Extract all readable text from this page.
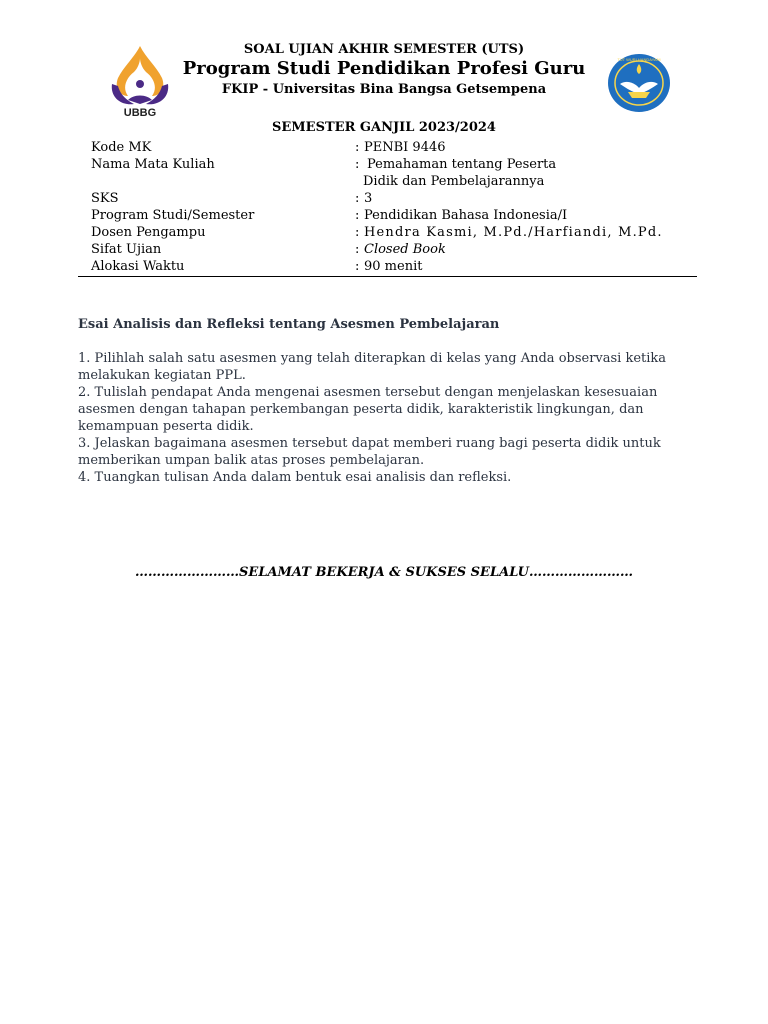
UBBG
SOAL UJIAN AKHIR SEMESTER (UTS)
Program Studi Pendidikan Profesi Guru
FKIP - Universitas Bina Bangsa Getsempena
TUT WURI HANDAYANI
SEMESTER GANJIL 2023/2024
Kode MK	: PENBI 9446
Nama Mata Kuliah	: Pemahaman tentang Peserta
Didik dan Pembelajarannya
SKS	: 3
Program Studi/Semester	: Pendidikan Bahasa Indonesia/I
Dosen Pengampu	: Hendra Kasmi, M.Pd./Harfiandi, M.Pd.
Sifat Ujian	: Closed Book
Alokasi Waktu	: 90 menit
Esai Analisis dan Refleksi tentang Asesmen Pembelajaran

1. Pilihlah salah satu asesmen yang telah diterapkan di kelas yang Anda observasi ketika melakukan kegiatan PPL.

2. Tulislah pendapat Anda mengenai asesmen tersebut dengan menjelaskan kesesuaian asesmen dengan tahapan perkembangan peserta didik, karakteristik lingkungan, dan kemampuan peserta didik.

3. Jelaskan bagaimana asesmen tersebut dapat memberi ruang bagi peserta didik untuk memberikan umpan balik atas proses pembelajaran.

4. Tuangkan tulisan Anda dalam bentuk esai analisis dan refleksi.

……………………SELAMAT BEKERJA & SUKSES SELALU……………………
